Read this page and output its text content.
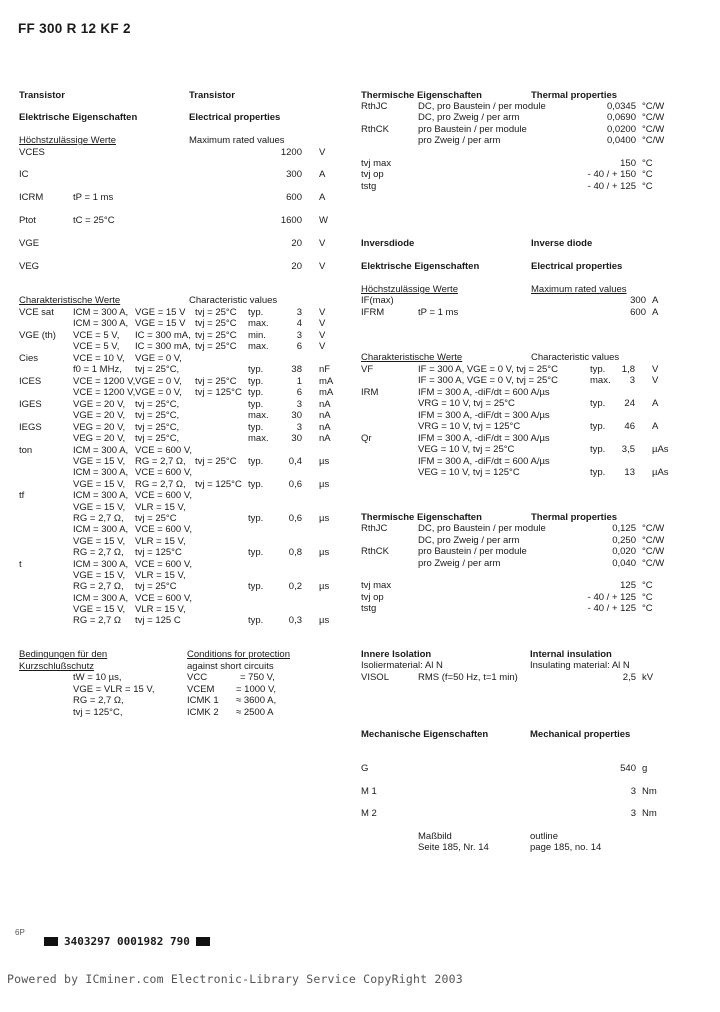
FF 300 R 12 KF 2
Transistor	Transistor
Elektrische Eigenschaften	Electrical properties
Höchstzulässige Werte	Maximum rated values
VCES	1200 V
IC	300 A
ICRM	tP = 1 ms	600 A
Ptot	tC = 25°C	1600 W
VGE	20 V
VEG	20 V
Charakteristische Werte	Characteristic values
VCE sat ICM = 300 A, VGE = 15 V tvj = 25°C typ.	3 V
ICM = 300 A, VGE = 15 V tvj = 25°C max.	4 V
VGE (th) VCE = 5 V, IC = 300 mA, tvj = 25°C min.	3 V
VCE = 5 V, IC = 300 mA, tvj = 25°C max.	6 V
Cies	VCE = 10 V, VGE = 0 V,
f0 = 1 MHz, tvj = 25°C,	typ.	38 nF
ICES	VCE = 1200 V, VGE = 0 V, tvj = 25°C typ.	1 mA
VCE = 1200 V, VGE = 0 V, tvj = 125°C typ.	6 mA
IGES	VGE = 20 V, tvj = 25°C,	typ.	3 nA
VGE = 20 V, tvj = 25°C,	max. 30 nA
IEGS	VEG = 20 V, tvj = 25°C,	typ.	3 nA
VEG = 20 V, tvj = 25°C,	max. 30 nA
ton	ICM = 300 A, VCE = 600 V,
VGE = 15 V, RG = 2,7 Ω, tvj = 25°C typ.	0,4 µs
ICM = 300 A, VCE = 600 V,
VGE = 15 V, RG = 2,7 Ω, tvj = 125°C typ.	0,6 µs
tf	ICM = 300 A, VCE = 600 V,
VGE = 15 V, VLR = 15 V,
RG = 2,7 Ω, tvj = 25°C	typ.	0,6 µs
ICM = 300 A, VCE = 600 V,
VGE = 15 V, VLR = 15 V,
RG = 2,7 Ω, tvj = 125°C	typ.	0,8 µs
t	ICM = 300 A, VCE = 600 V,
VGE = 15 V, VLR = 15 V,
RG = 2,7 Ω, tvj = 25°C	typ.	0,2 µs
ICM = 300 A, VCE = 600 V,
VGE = 15 V, VLR = 15 V,
RG = 2,7 Ω tvj = 125 C	typ.	0,3 µs
Bedingungen für den	Conditions for protection
Kurzschlußschutz	against short circuits
tW = 10 µs,	VCC	= 750 V,
VGE = VLR = 15 V,	VCEM = 1000 V,
RG = 2,7 Ω,	ICMK 1 ≈ 3600 A,
tvj = 125°C,	ICMK 2 ≈ 2500 A
Thermische Eigenschaften	Thermal properties
RthJC	DC, pro Baustein / per module	0,0345 °C/W
DC, pro Zweig / per arm	0,0690 °C/W
RthCK	pro Baustein / per module	0,0200 °C/W
pro Zweig / per arm	0,0400 °C/W
tvj max	150 °C
tvj op	- 40 / + 150 °C
tstg	- 40 / + 125 °C
Inversdiode	Inverse diode
Elektrische Eigenschaften	Electrical properties
Höchstzulässige Werte	Maximum rated values
IF(max)	300 A
IFRM	tP = 1 ms	600 A
Charakteristische Werte	Characteristic values
VF	IF = 300 A, VGE = 0 V, tvj = 25°C	typ. 1,8 V
IF = 300 A, VGE = 0 V, tvj = 25°C	max. 3 V
IRM	IFM = 300 A, -diF/dt = 600 A/µs
VRG = 10 V, tvj = 25°C	typ. 24 A
IFM = 300 A, -diF/dt = 300 A/µs
VRG = 10 V, tvj = 125°C	typ. 46 A
Qr	IFM = 300 A, -diF/dt = 300 A/µs
VEG = 10 V, tvj = 25°C	typ. 3,5 µAs
IFM = 300 A, -diF/dt = 600 A/µs
VEG = 10 V, tvj = 125°C	typ. 13 µAs
Thermische Eigenschaften	Thermal properties
RthJC	DC, pro Baustein / per module	0,125 °C/W
DC, pro Zweig / per arm	0,250 °C/W
RthCK	pro Baustein / per module	0,020 °C/W
pro Zweig / per arm	0,040 °C/W
tvj max	125 °C
tvj op	- 40 / + 125 °C
tstg	- 40 / + 125 °C
Innere Isolation	Internal insulation
Isoliermaterial: Al N	Insulating material: Al N
VISOL	RMS (f=50 Hz, t=1 min)	2,5 kV
Mechanische Eigenschaften	Mechanical properties
G	540 g
M 1	3 Nm
M 2	3 Nm
Maßbild	outline
Seite 185, Nr. 14	page 185, no. 14
6P
3403297 0001982 790
Powered by ICminer.com Electronic-Library Service CopyRight 2003
